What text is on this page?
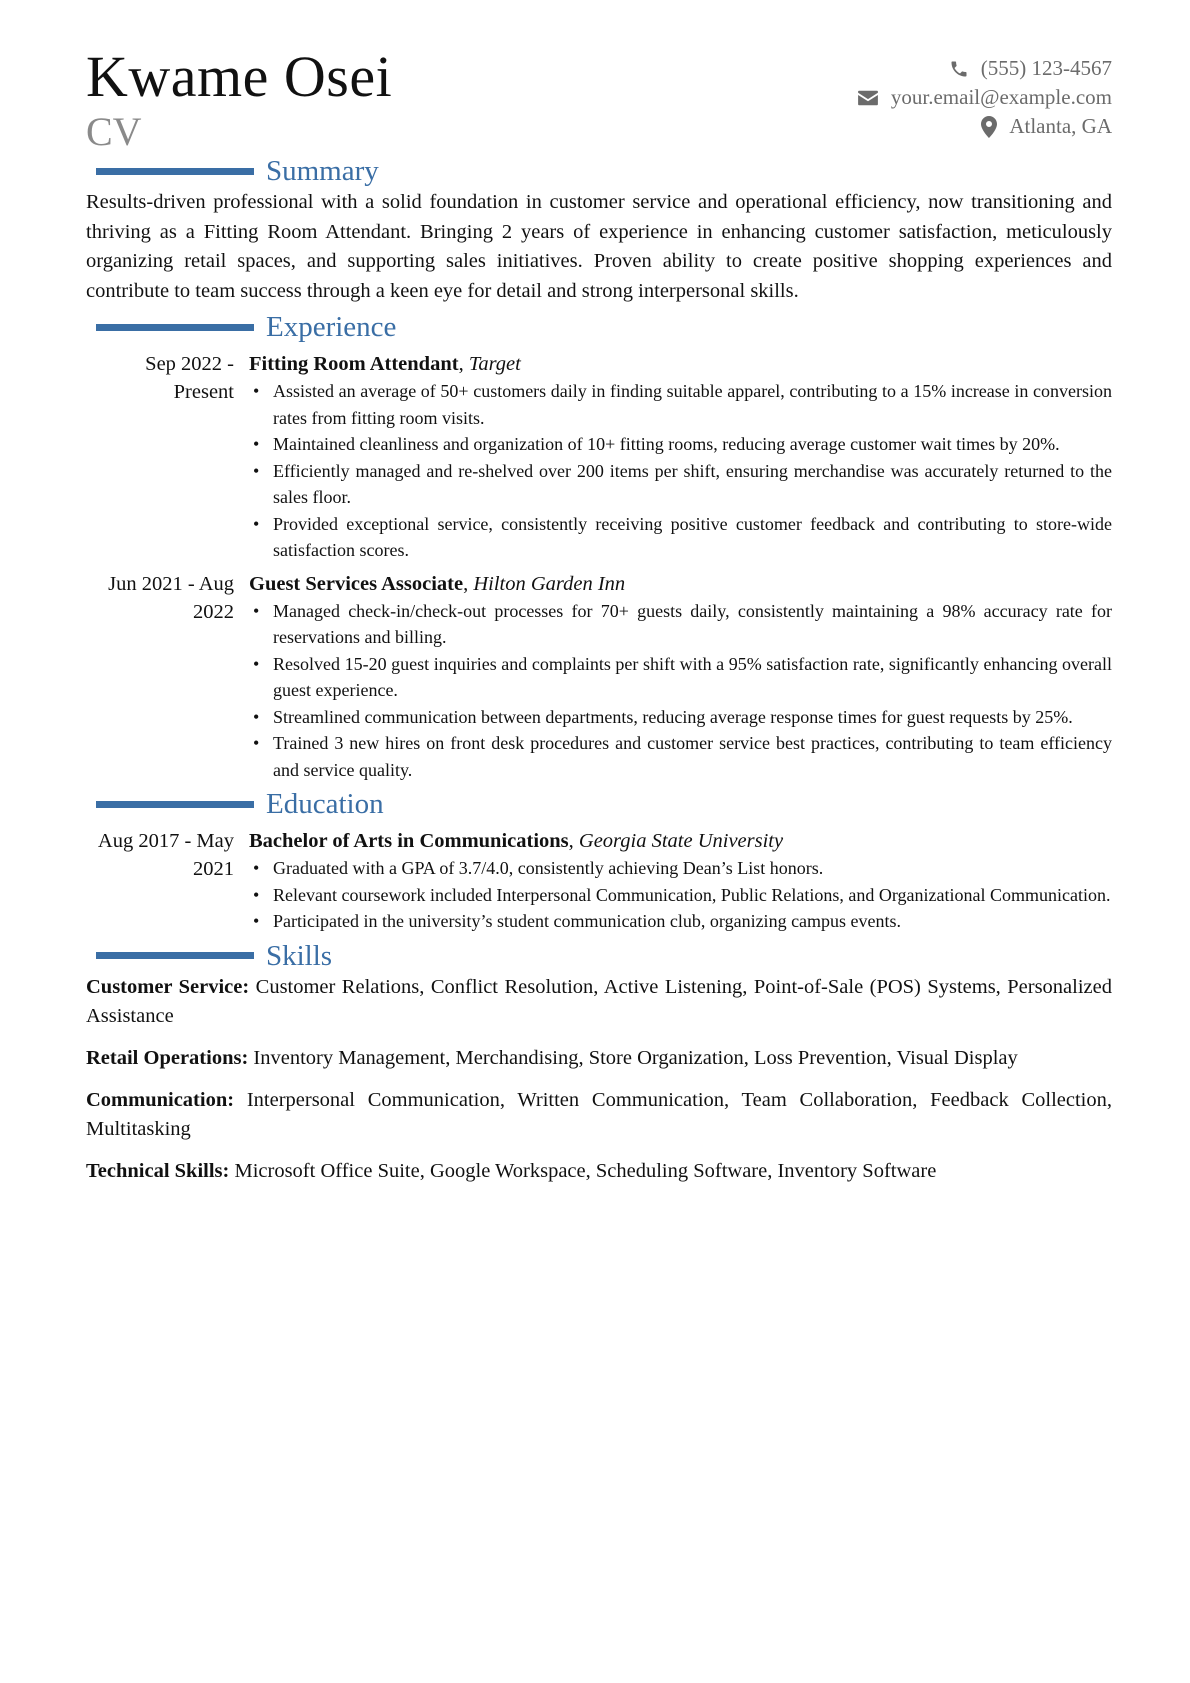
Kwame Osei
CV
(555) 123-4567
your.email@example.com
Atlanta, GA
Summary

Results-driven professional with a solid foundation in customer service and operational efficiency, now transitioning and thriving as a Fitting Room Attendant. Bringing 2 years of experience in enhancing customer satisfaction, meticulously organizing retail spaces, and supporting sales initiatives. Proven ability to create positive shopping experiences and contribute to team success through a keen eye for detail and strong interpersonal skills.

Experience
Sep 2022 - Present
Fitting Room Attendant, Target
• Assisted an average of 50+ customers daily in finding suitable apparel, contributing to a 15% increase in conversion rates from fitting room visits.
• Maintained cleanliness and organization of 10+ fitting rooms, reducing average customer wait times by 20%.
• Efficiently managed and re-shelved over 200 items per shift, ensuring merchandise was accurately returned to the sales floor.
• Provided exceptional service, consistently receiving positive customer feedback and contributing to store-wide satisfaction scores.
Jun 2021 - Aug 2022
Guest Services Associate, Hilton Garden Inn
• Managed check-in/check-out processes for 70+ guests daily, consistently maintaining a 98% accuracy rate for reservations and billing.
• Resolved 15-20 guest inquiries and complaints per shift with a 95% satisfaction rate, significantly enhancing overall guest experience.
• Streamlined communication between departments, reducing average response times for guest requests by 25%.
• Trained 3 new hires on front desk procedures and customer service best practices, contributing to team efficiency and service quality.
Education
Aug 2017 - May 2021
Bachelor of Arts in Communications, Georgia State University
• Graduated with a GPA of 3.7/4.0, consistently achieving Dean’s List honors.
• Relevant coursework included Interpersonal Communication, Public Relations, and Organizational Communication.
• Participated in the university’s student communication club, organizing campus events.
Skills

Customer Service: Customer Relations, Conflict Resolution, Active Listening, Point-of-Sale (POS) Systems, Personalized Assistance

Retail Operations: Inventory Management, Merchandising, Store Organization, Loss Prevention, Visual Display

Communication: Interpersonal Communication, Written Communication, Team Collaboration, Feedback Collection, Multitasking

Technical Skills: Microsoft Office Suite, Google Workspace, Scheduling Software, Inventory Software
